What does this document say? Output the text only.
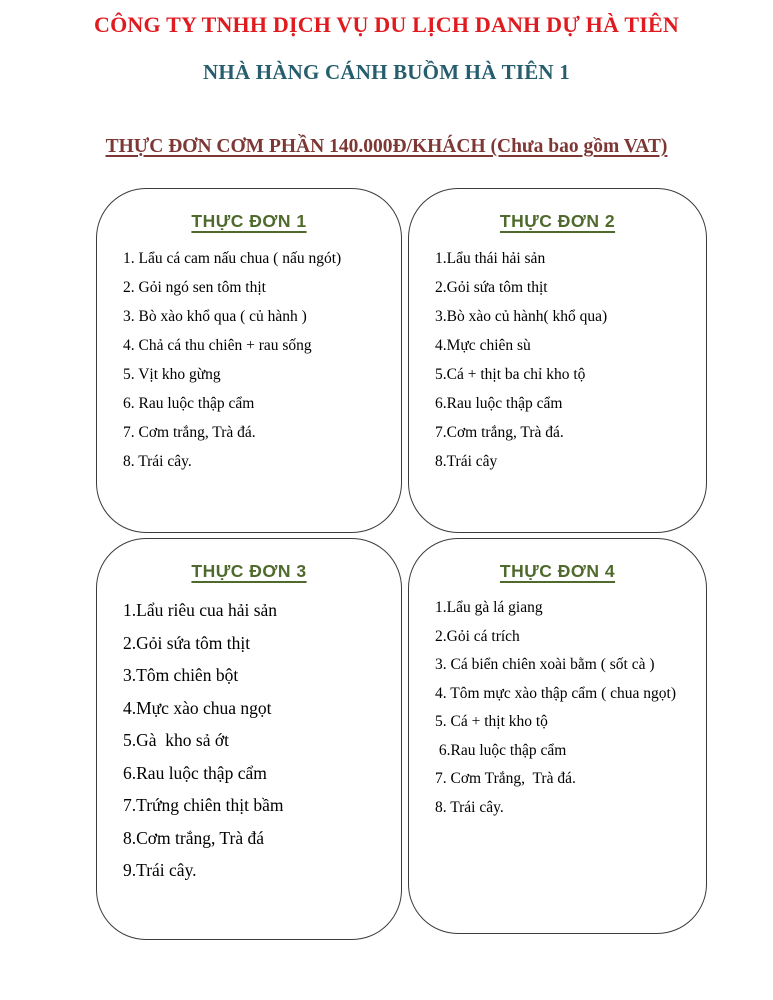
CÔNG TY TNHH DỊCH VỤ DU LỊCH DANH DỰ HÀ TIÊN
NHÀ HÀNG CÁNH BUỒM HÀ TIÊN 1
THỰC ĐƠN CƠM PHẦN 140.000Đ/KHÁCH (Chưa bao gồm VAT)
THỰC ĐƠN 1
1. Lẩu cá cam nấu chua ( nấu ngót)
2. Gỏi ngó sen tôm thịt
3. Bò xào khổ qua ( củ hành )
4. Chả cá thu chiên + rau sống
5. Vịt kho gừng
6. Rau luộc thập cẩm
7. Cơm trắng, Trà đá.
8. Trái cây.
THỰC ĐƠN 2
1.Lẩu thái hải sản
2.Gỏi sứa tôm thịt
3.Bò xào củ hành( khổ qua)
4.Mực chiên sù
5.Cá + thịt ba chỉ kho tộ
6.Rau luộc thập cẩm
7.Cơm trắng, Trà đá.
8.Trái cây
THỰC ĐƠN 3
1.Lẩu riêu cua hải sản
2.Gỏi sứa tôm thịt
3.Tôm chiên bột
4.Mực xào chua ngọt
5.Gà  kho sả ớt
6.Rau luộc thập cẩm
7.Trứng chiên thịt bầm
8.Cơm trắng, Trà đá
9.Trái cây.
THỰC ĐƠN 4
1.Lẩu gà lá giang
2.Gỏi cá trích
3. Cá biển chiên xoài bằm ( sốt cà )
4. Tôm mực xào thập cẩm ( chua ngọt)
5. Cá + thịt kho tộ
6.Rau luộc thập cẩm
7. Cơm Trắng,  Trà đá.
8. Trái cây.
